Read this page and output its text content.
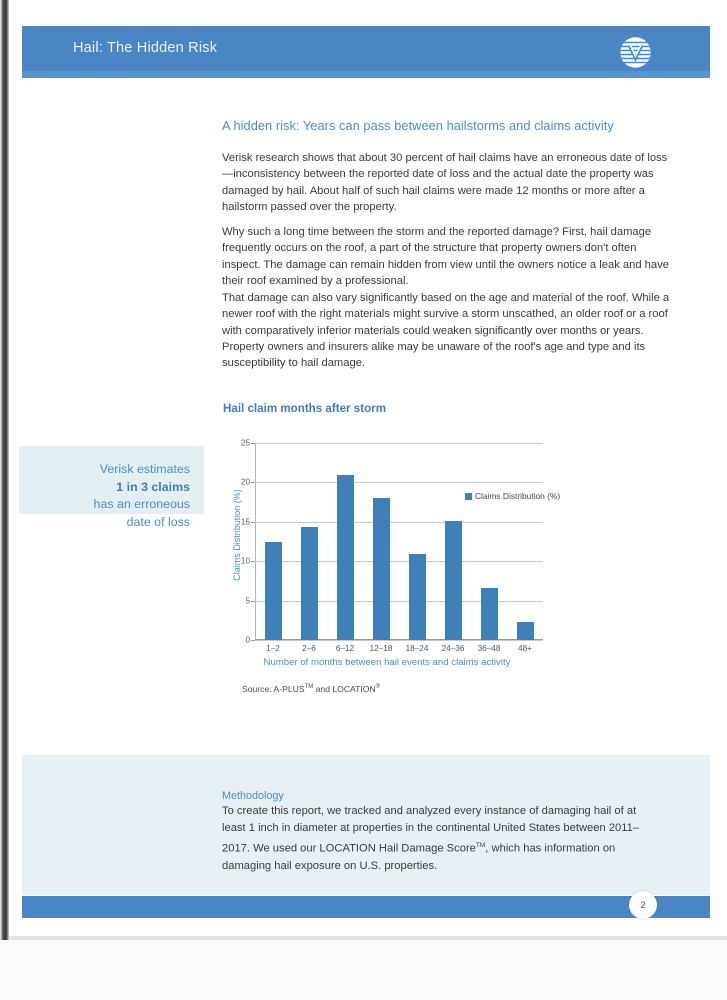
Hail: The Hidden Risk
A hidden risk: Years can pass between hailstorms and claims activity
Verisk research shows that about 30 percent of hail claims have an erroneous date of loss—inconsistency between the reported date of loss and the actual date the property was damaged by hail. About half of such hail claims were made 12 months or more after a hailstorm passed over the property.
Why such a long time between the storm and the reported damage? First, hail damage frequently occurs on the roof, a part of the structure that property owners don't often inspect. The damage can remain hidden from view until the owners notice a leak and have their roof examined by a professional.
That damage can also vary significantly based on the age and material of the roof. While a newer roof with the right materials might survive a storm unscathed, an older roof or a roof with comparatively inferior materials could weaken significantly over months or years. Property owners and insurers alike may be unaware of the roof's age and type and its susceptibility to hail damage.
Verisk estimates
1 in 3 claims
has an erroneous
date of loss
Hail claim months after storm
Claims Distribution (%)
0
5
10
15
20
25
Claims Distribution (%)
1–2	2–6	6–12	12–18	18–24	24–36	36–48	48+
Number of months between hail events and claims activity
Source: A-PLUS™ and LOCATION®
Methodology
To create this report, we tracked and analyzed every instance of damaging hail of at least 1 inch in diameter at properties in the continental United States between 2011–2017. We used our LOCATION Hail Damage Score™, which has information on damaging hail exposure on U.S. properties.
2
